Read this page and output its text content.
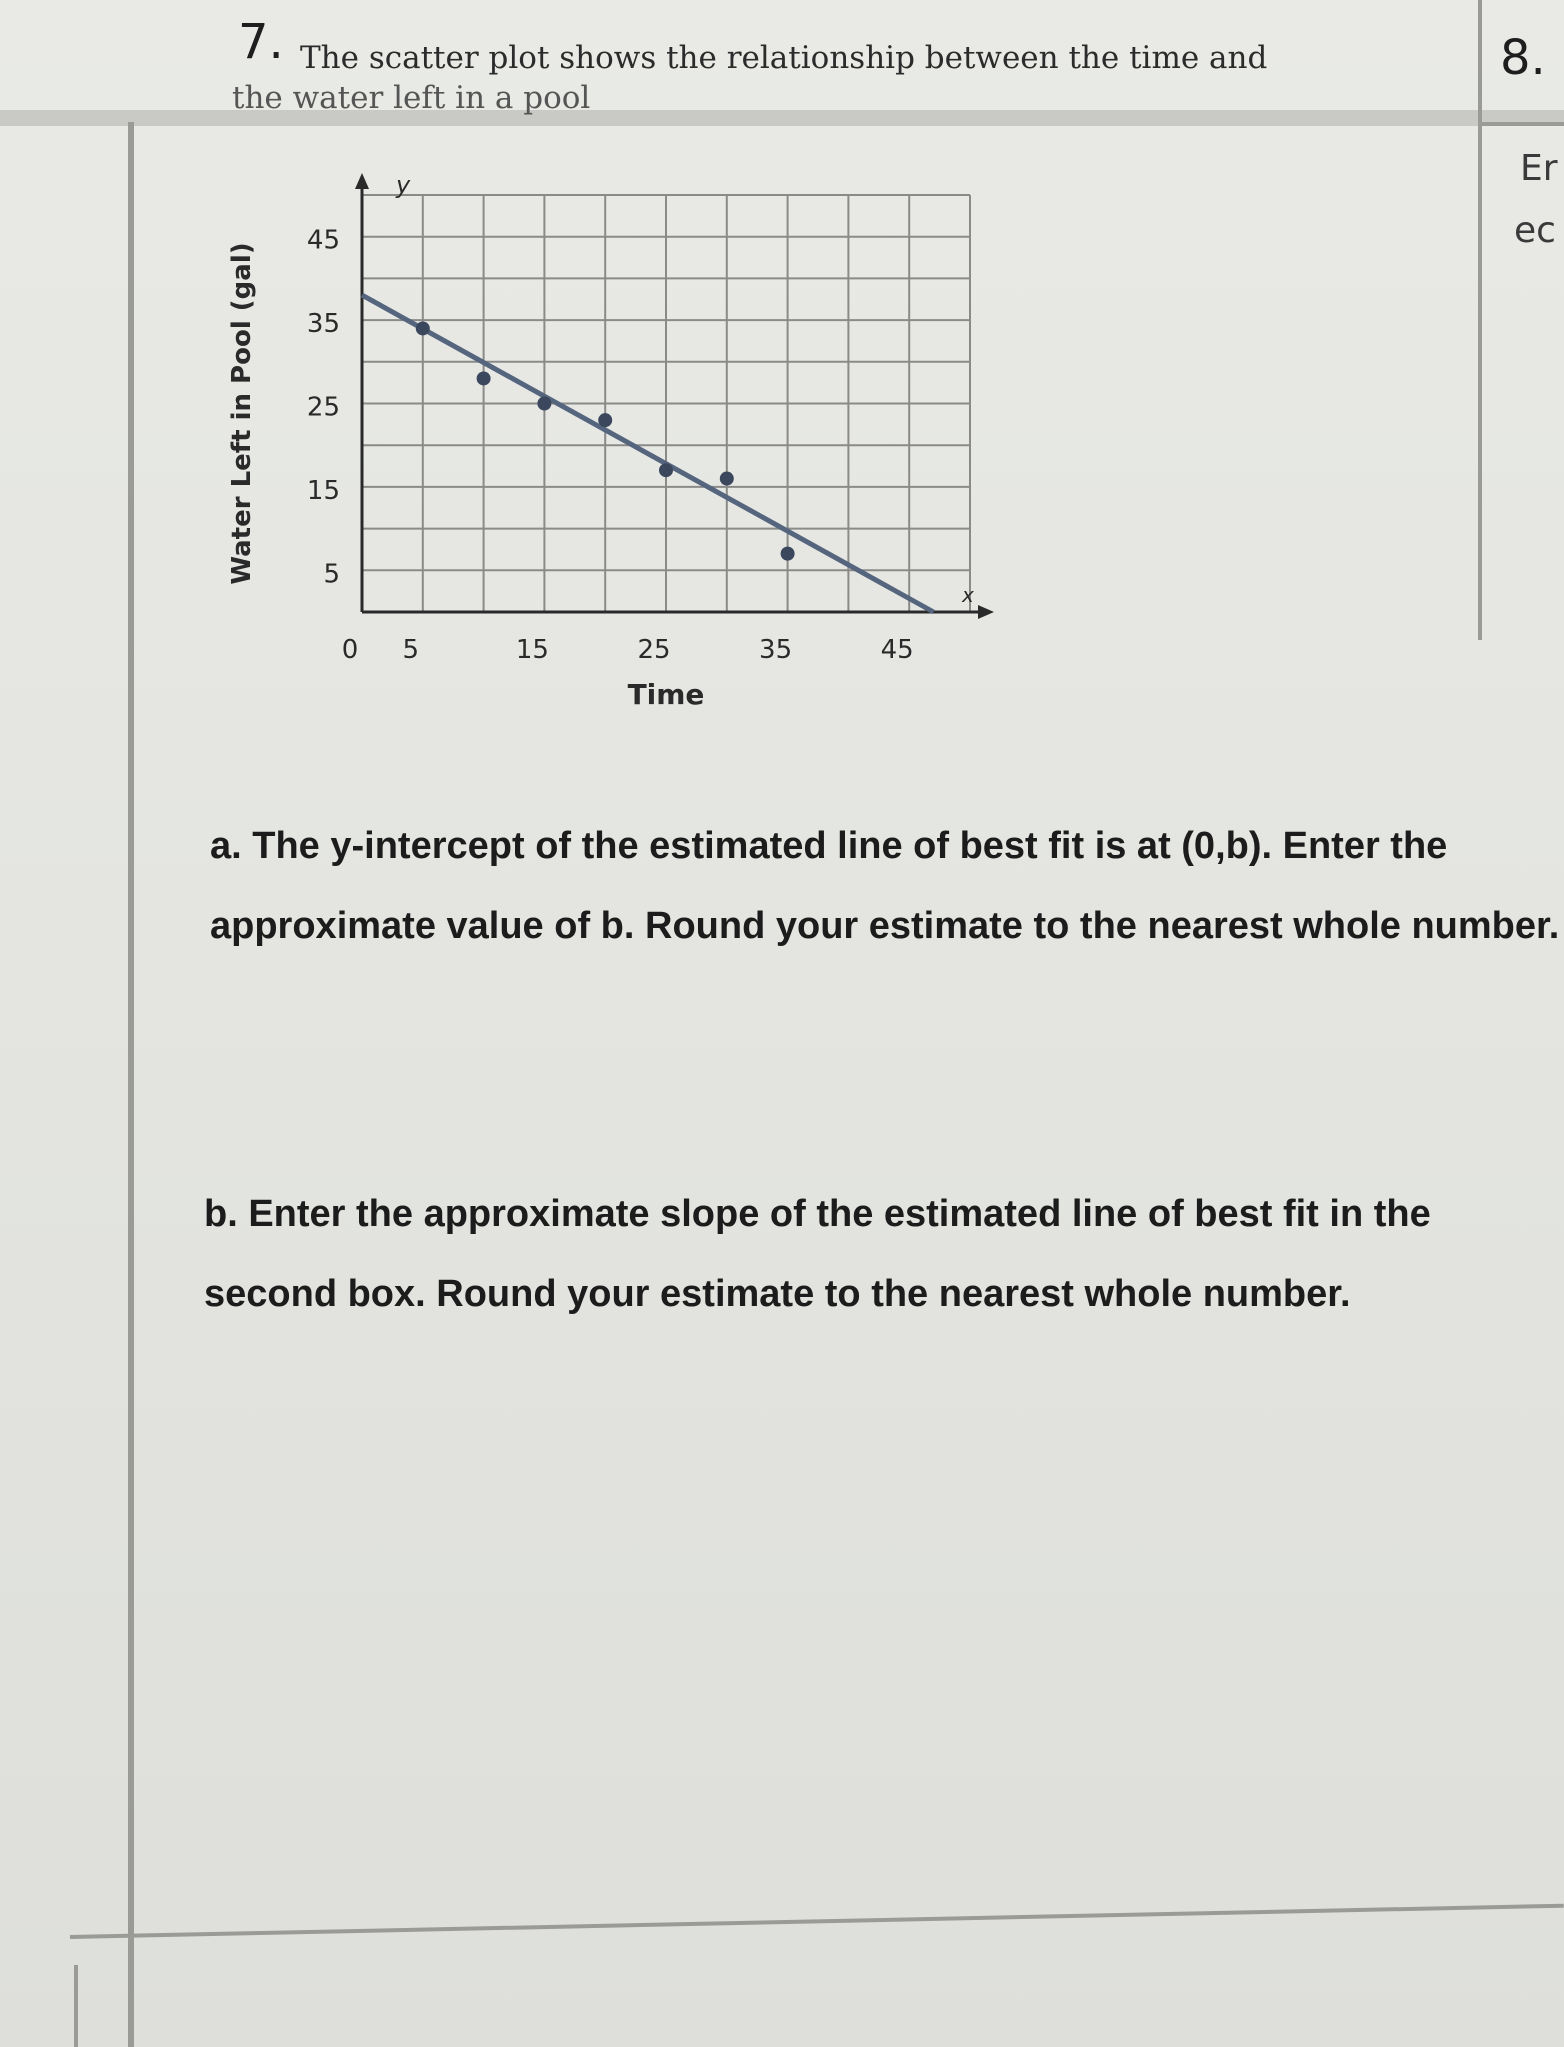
7. The scatter plot shows the relationship between the time and
the water left in a pool
8.
Er
ec
0 5	15	25	35	45
45
35
25
15
5
x
y
Time
Water Left in Pool (gal)
a. The y-intercept of the estimated line of best fit is at (0,b). Enter the
approximate value of b. Round your estimate to the nearest whole number.
b. Enter the approximate slope of the estimated line of best fit in the
second box. Round your estimate to the nearest whole number.
